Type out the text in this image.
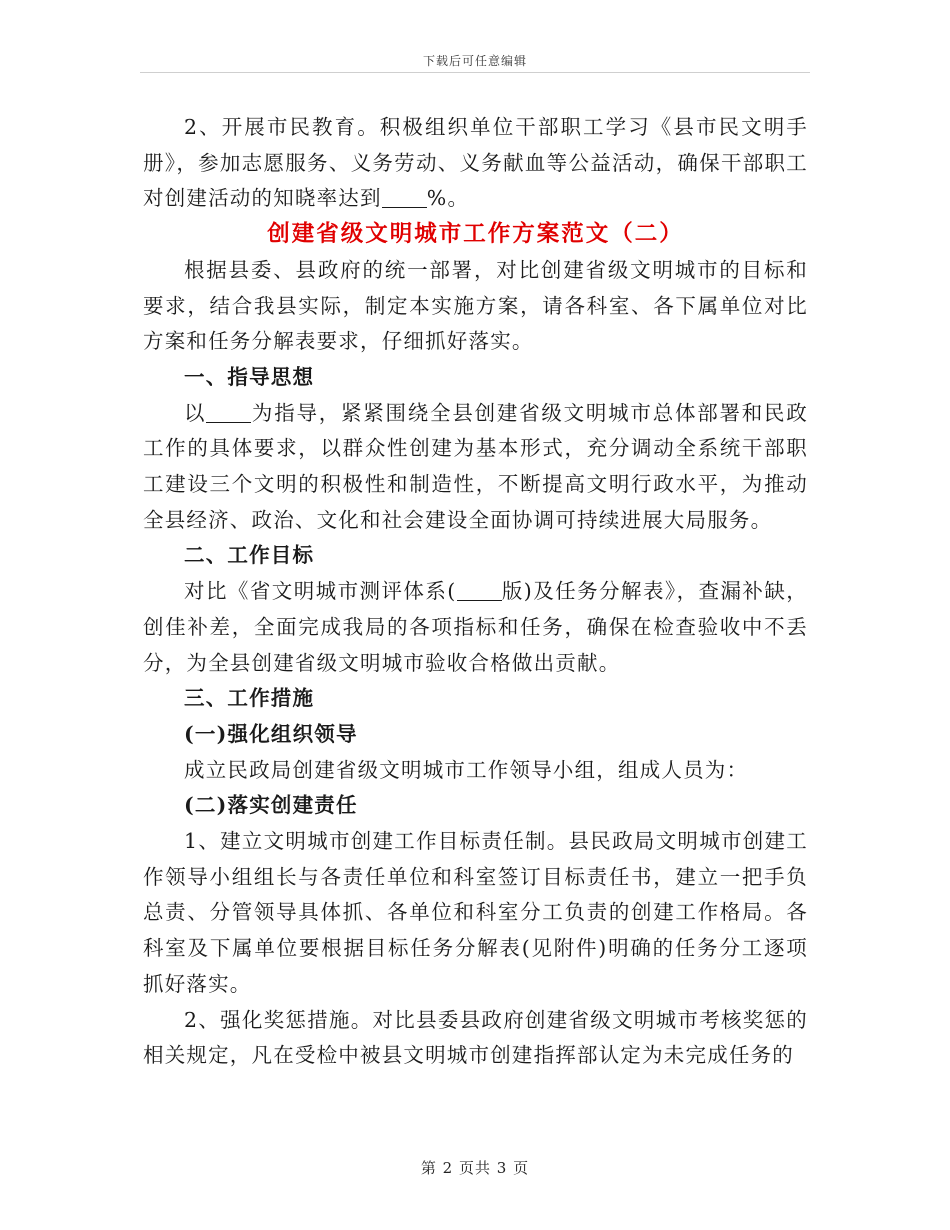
下载后可任意编辑

2、开展市民教育。积极组织单位干部职工学习《县市民文明手册》，参加志愿服务、义务劳动、义务献血等公益活动，确保干部职工对创建活动的知晓率达到 %。

创建省级文明城市工作方案范文（二）

根据县委、县政府的统一部署，对比创建省级文明城市的目标和要求，结合我县实际，制定本实施方案，请各科室、各下属单位对比方案和任务分解表要求，仔细抓好落实。

一、指导思想

以 为指导，紧紧围绕全县创建省级文明城市总体部署和民政工作的具体要求，以群众性创建为基本形式，充分调动全系统干部职工建设三个文明的积极性和制造性，不断提高文明行政水平，为推动全县经济、政治、文化和社会建设全面协调可持续进展大局服务。

二、工作目标

对比《省文明城市测评体系( 版)及任务分解表》，查漏补缺，创佳补差，全面完成我局的各项指标和任务，确保在检查验收中不丢分，为全县创建省级文明城市验收合格做出贡献。

三、工作措施

(一)强化组织领导

成立民政局创建省级文明城市工作领导小组，组成人员为：

(二)落实创建责任

1、建立文明城市创建工作目标责任制。县民政局文明城市创建工作领导小组组长与各责任单位和科室签订目标责任书，建立一把手负总责、分管领导具体抓、各单位和科室分工负责的创建工作格局。各科室及下属单位要根据目标任务分解表(见附件)明确的任务分工逐项抓好落实。

2、强化奖惩措施。对比县委县政府创建省级文明城市考核奖惩的相关规定，凡在受检中被县文明城市创建指挥部认定为未完成任务的

第 2 页共 3 页
